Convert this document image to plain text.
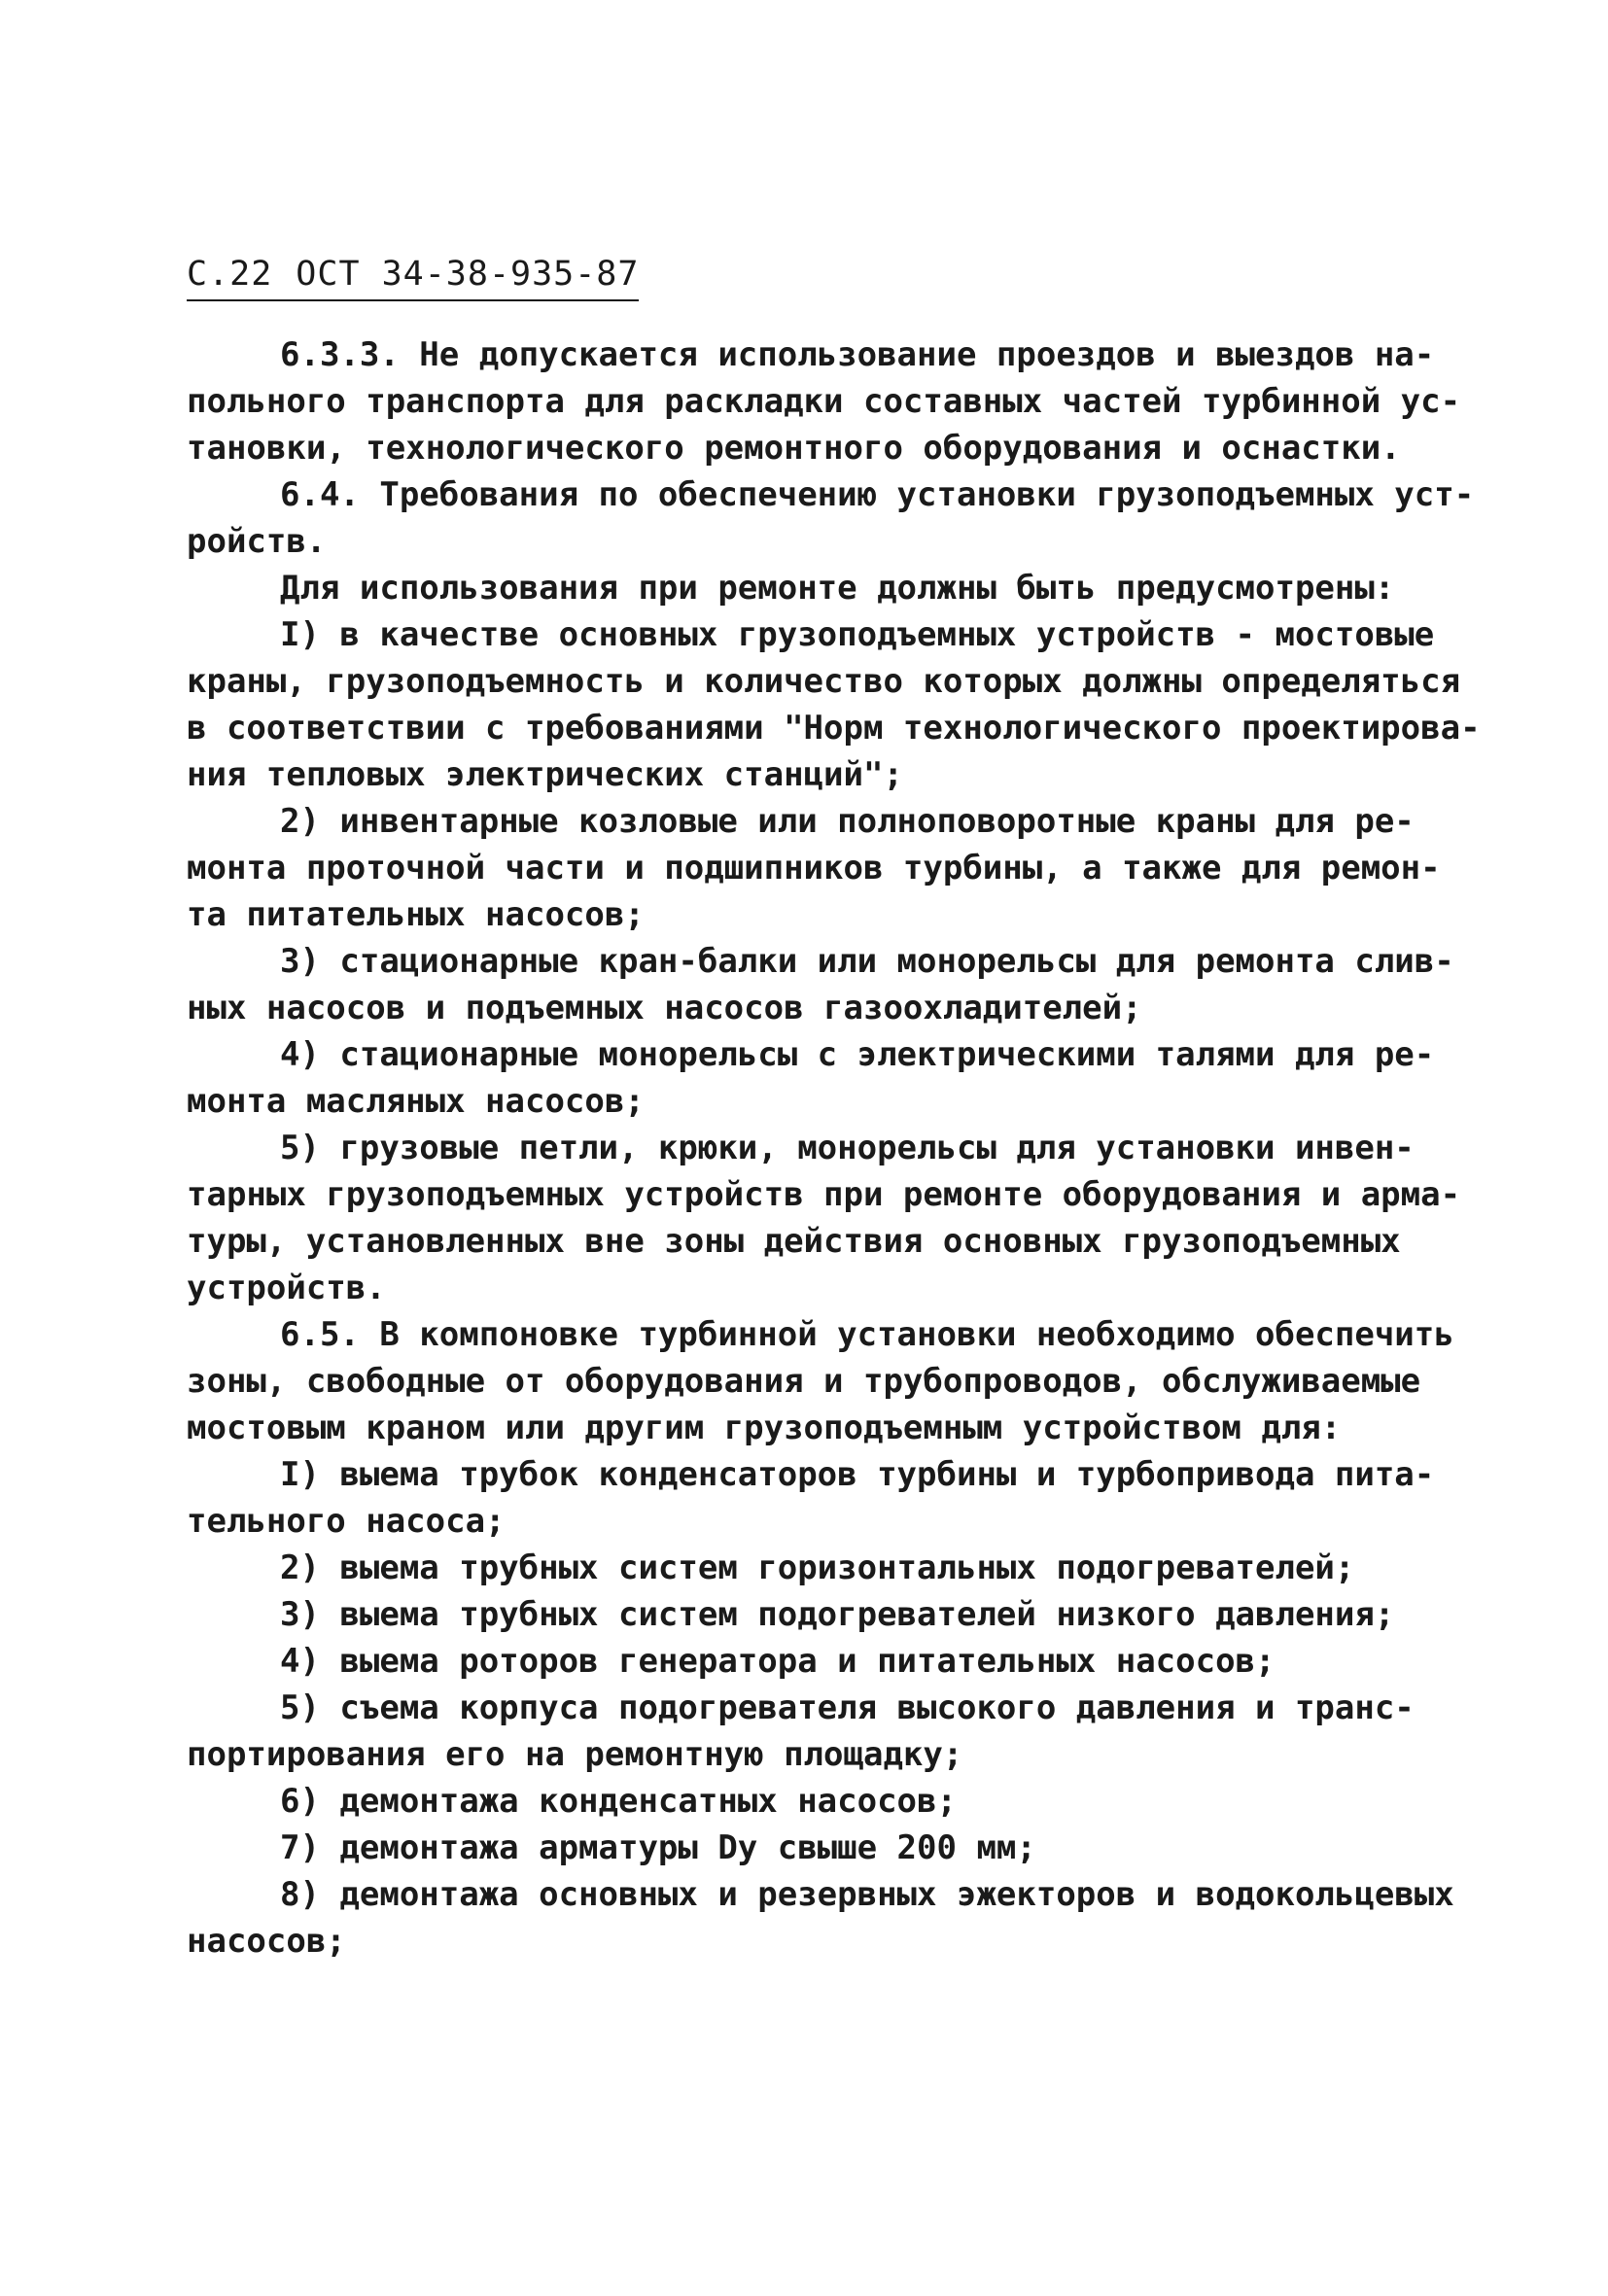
С.22 ОСТ 34-38-935-87
6.3.3. Не допускается использование проездов и выездов на-
польного транспорта для раскладки составных частей турбинной ус-
тановки, технологического ремонтного оборудования и оснастки.
6.4. Требования по обеспечению установки грузоподъемных уст-
ройств.
Для использования при ремонте должны быть предусмотрены:
I) в качестве основных грузоподъемных устройств - мостовые
краны, грузоподъемность и количество которых должны определяться
в соответствии с требованиями "Норм технологического проектирова-
ния тепловых электрических станций";
2) инвентарные козловые или полноповоротные краны для ре-
монта проточной части и подшипников турбины, а также для ремон-
та питательных насосов;
3) стационарные кран-балки или монорельсы для ремонта слив-
ных насосов и подъемных насосов газоохладителей;
4) стационарные монорельсы с электрическими талями для ре-
монта масляных насосов;
5) грузовые петли, крюки, монорельсы для установки инвен-
тарных грузоподъемных устройств при ремонте оборудования и арма-
туры, установленных вне зоны действия основных грузоподъемных
устройств.
6.5. В компоновке турбинной установки необходимо обеспечить
зоны, свободные от оборудования и трубопроводов, обслуживаемые
мостовым краном или другим грузоподъемным устройством для:
I) выема трубок конденсаторов турбины и турбопривода пита-
тельного насоса;
2) выема трубных систем горизонтальных подогревателей;
3) выема трубных систем подогревателей низкого давления;
4) выема роторов генератора и питательных насосов;
5) съема корпуса подогревателя высокого давления и транс-
портирования его на ремонтную площадку;
6) демонтажа конденсатных насосов;
7) демонтажа арматуры Dу свыше 200 мм;
8) демонтажа основных и резервных эжекторов и водокольцевых
насосов;
